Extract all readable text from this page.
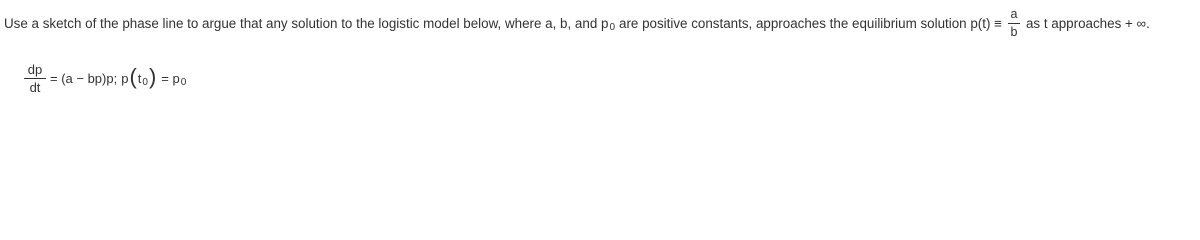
Use a sketch of the phase line to argue that any solution to the logistic model below, where a, b, and p 0 are positive constants, approaches the equilibrium solution $p(t) \equiv \frac{a}{b}$ as t approaches + ∞.
$\frac{dp}{dt} = (a - bp)p$; p ( t 0 ) = p 0
